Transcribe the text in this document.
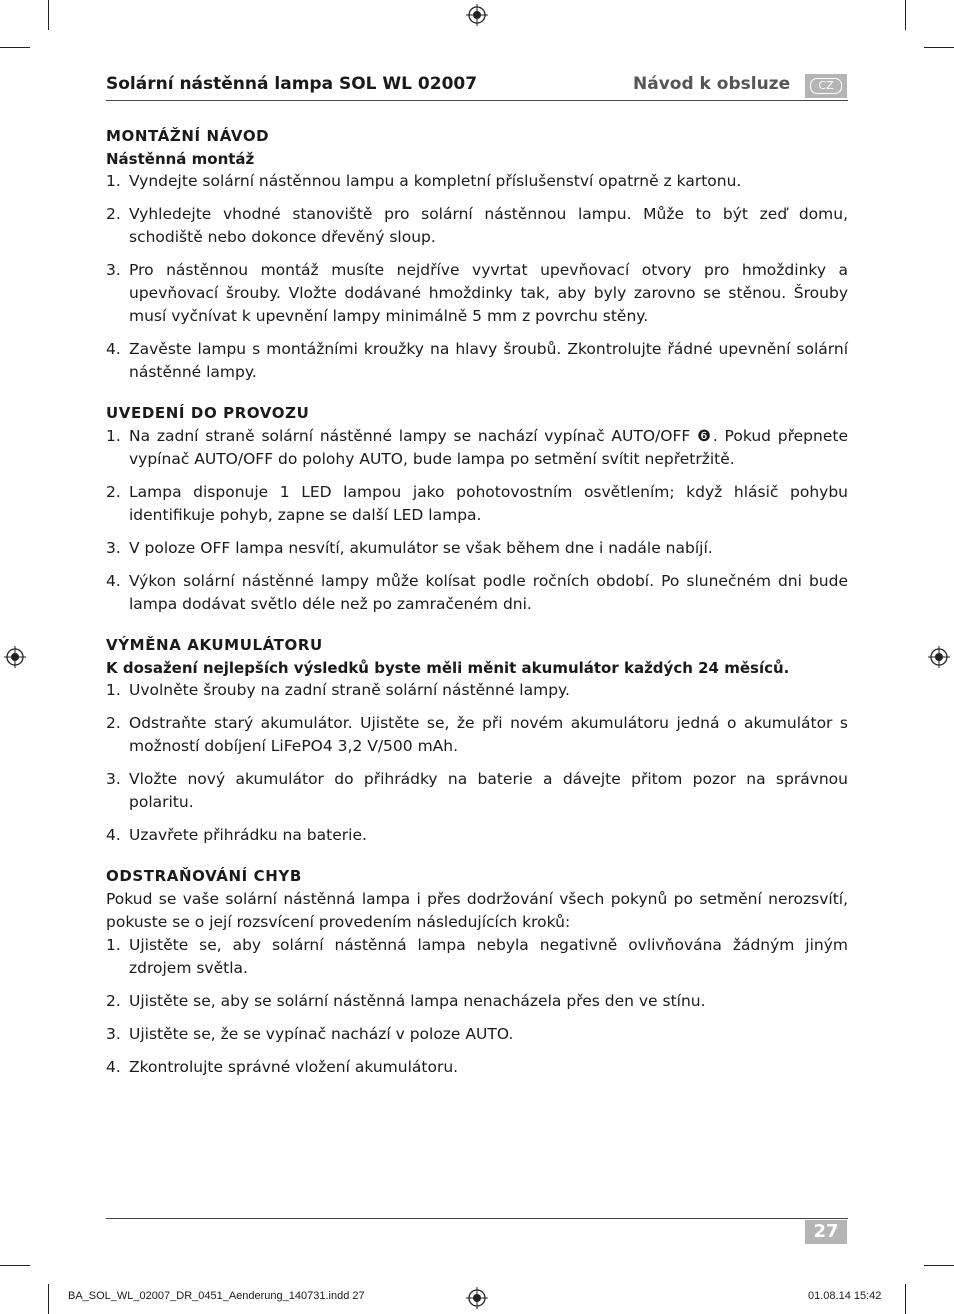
Solární nástěnná lampa SOL WL 02007	Návod k obsluze	CZ
MONTÁŽNÍ NÁVOD
Nástěnná montáž
1. Vyndejte solární nástěnnou lampu a kompletní příslušenství opatrně z kartonu.
2. Vyhledejte vhodné stanoviště pro solární nástěnnou lampu. Může to být zeď domu, schodiště nebo dokonce dřevěný sloup.
3. Pro nástěnnou montáž musíte nejdříve vyvrtat upevňovací otvory pro hmoždinky a upevňovací šrouby. Vložte dodávané hmoždinky tak, aby byly zarovno se stěnou. Šrouby musí vyčnívat k upevnění lampy minimálně 5 mm z povrchu stěny.
4. Zavěste lampu s montážními kroužky na hlavy šroubů. Zkontrolujte řádné upevnění solární nástěnné lampy.
UVEDENÍ DO PROVOZU
1. Na zadní straně solární nástěnné lampy se nachází vypínač AUTO/OFF ❻. Pokud přepnete vypínač AUTO/OFF do polohy AUTO, bude lampa po setmění svítit nepřetržitě.
2. Lampa disponuje 1 LED lampou jako pohotovostním osvětlením; když hlásič pohybu identifikuje pohyb, zapne se další LED lampa.
3. V poloze OFF lampa nesvítí, akumulátor se však během dne i nadále nabíjí.
4. Výkon solární nástěnné lampy může kolísat podle ročních období. Po slunečném dni bude lampa dodávat světlo déle než po zamračeném dni.
VÝMĚNA AKUMULÁTORU
K dosažení nejlepších výsledků byste měli měnit akumulátor každých 24 měsíců.
1. Uvolněte šrouby na zadní straně solární nástěnné lampy.
2. Odstraňte starý akumulátor. Ujistěte se, že při novém akumulátoru jedná o akumulátor s možností dobíjení LiFePO4 3,2 V/500 mAh.
3. Vložte nový akumulátor do přihrádky na baterie a dávejte přitom pozor na správnou polaritu.
4. Uzavřete přihrádku na baterie.
ODSTRAŇOVÁNÍ CHYB
Pokud se vaše solární nástěnná lampa i přes dodržování všech pokynů po setmění nerozsvítí, pokuste se o její rozsvícení provedením následujících kroků:
1. Ujistěte se, aby solární nástěnná lampa nebyla negativně ovlivňována žádným jiným zdrojem světla.
2. Ujistěte se, aby se solární nástěnná lampa nenacházela přes den ve stínu.
3. Ujistěte se, že se vypínač nachází v poloze AUTO.
4. Zkontrolujte správné vložení akumulátoru.
27
BA_SOL_WL_02007_DR_0451_Aenderung_140731.indd 27	01.08.14 15:42
